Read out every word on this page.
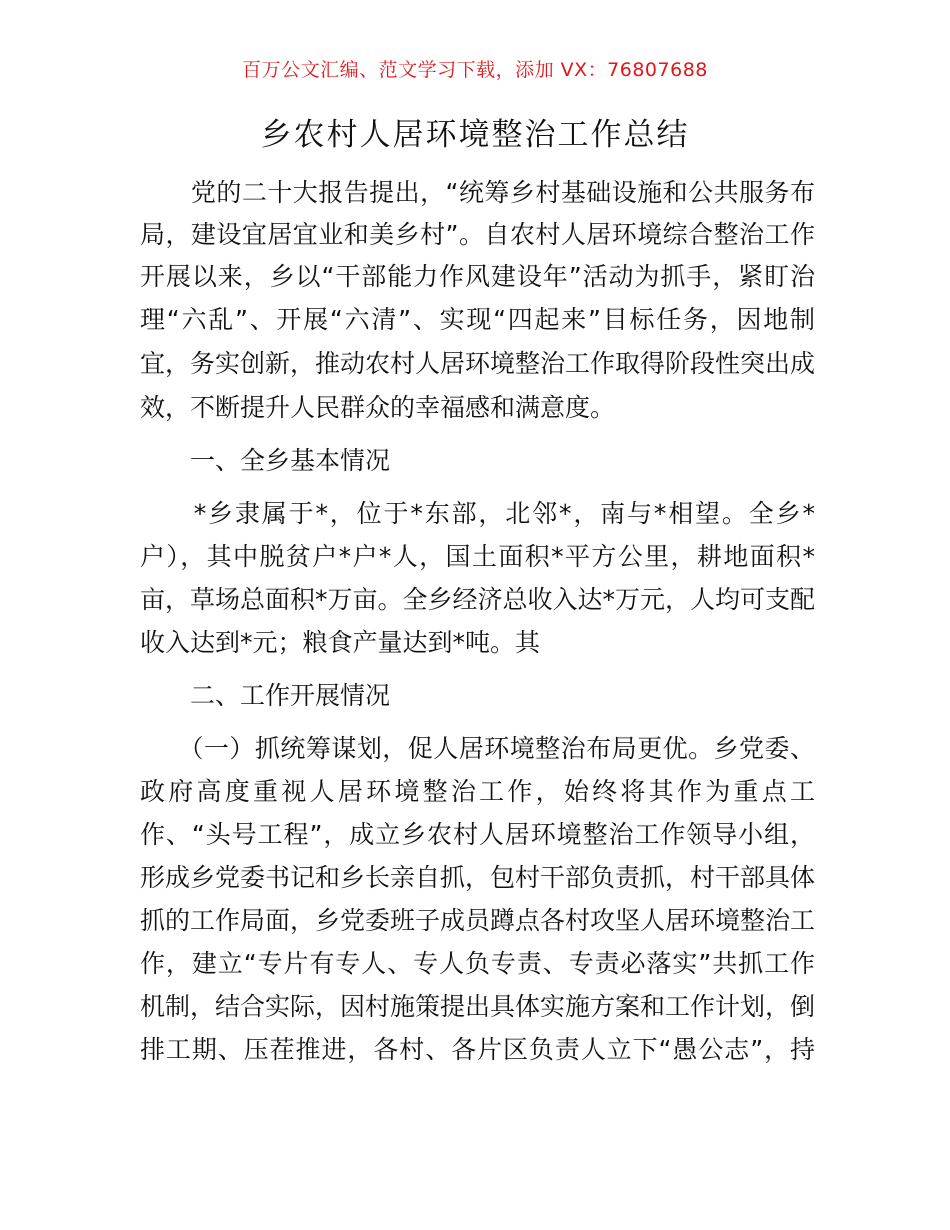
百万公文汇编、范文学习下载，添加 VX：76807688
乡农村人居环境整治工作总结
　　党的二十大报告提出，“统筹乡村基础设施和公共服务布
局，建设宜居宜业和美乡村”。自农村人居环境综合整治工作
开展以来，乡以“干部能力作风建设年”活动为抓手，紧盯治
理“六乱”、开展“六清”、实现“四起来”目标任务，因地制
宜，务实创新，推动农村人居环境整治工作取得阶段性突出成
效，不断提升人民群众的幸福感和满意度。
　　一、全乡基本情况
　　*乡隶属于*，位于*东部，北邻*，南与*相望。全乡*
户），其中脱贫户*户*人，国土面积*平方公里，耕地面积*
亩，草场总面积*万亩。全乡经济总收入达*万元，人均可支配
收入达到*元；粮食产量达到*吨。其
　　二、工作开展情况
　　（一）抓统筹谋划，促人居环境整治布局更优。乡党委、
政府高度重视人居环境整治工作，始终将其作为重点工
作、“头号工程”，成立乡农村人居环境整治工作领导小组，
形成乡党委书记和乡长亲自抓，包村干部负责抓，村干部具体
抓的工作局面，乡党委班子成员蹲点各村攻坚人居环境整治工
作，建立“专片有专人、专人负专责、专责必落实”共抓工作
机制，结合实际，因村施策提出具体实施方案和工作计划，倒
排工期、压茬推进，各村、各片区负责人立下“愚公志”，持
